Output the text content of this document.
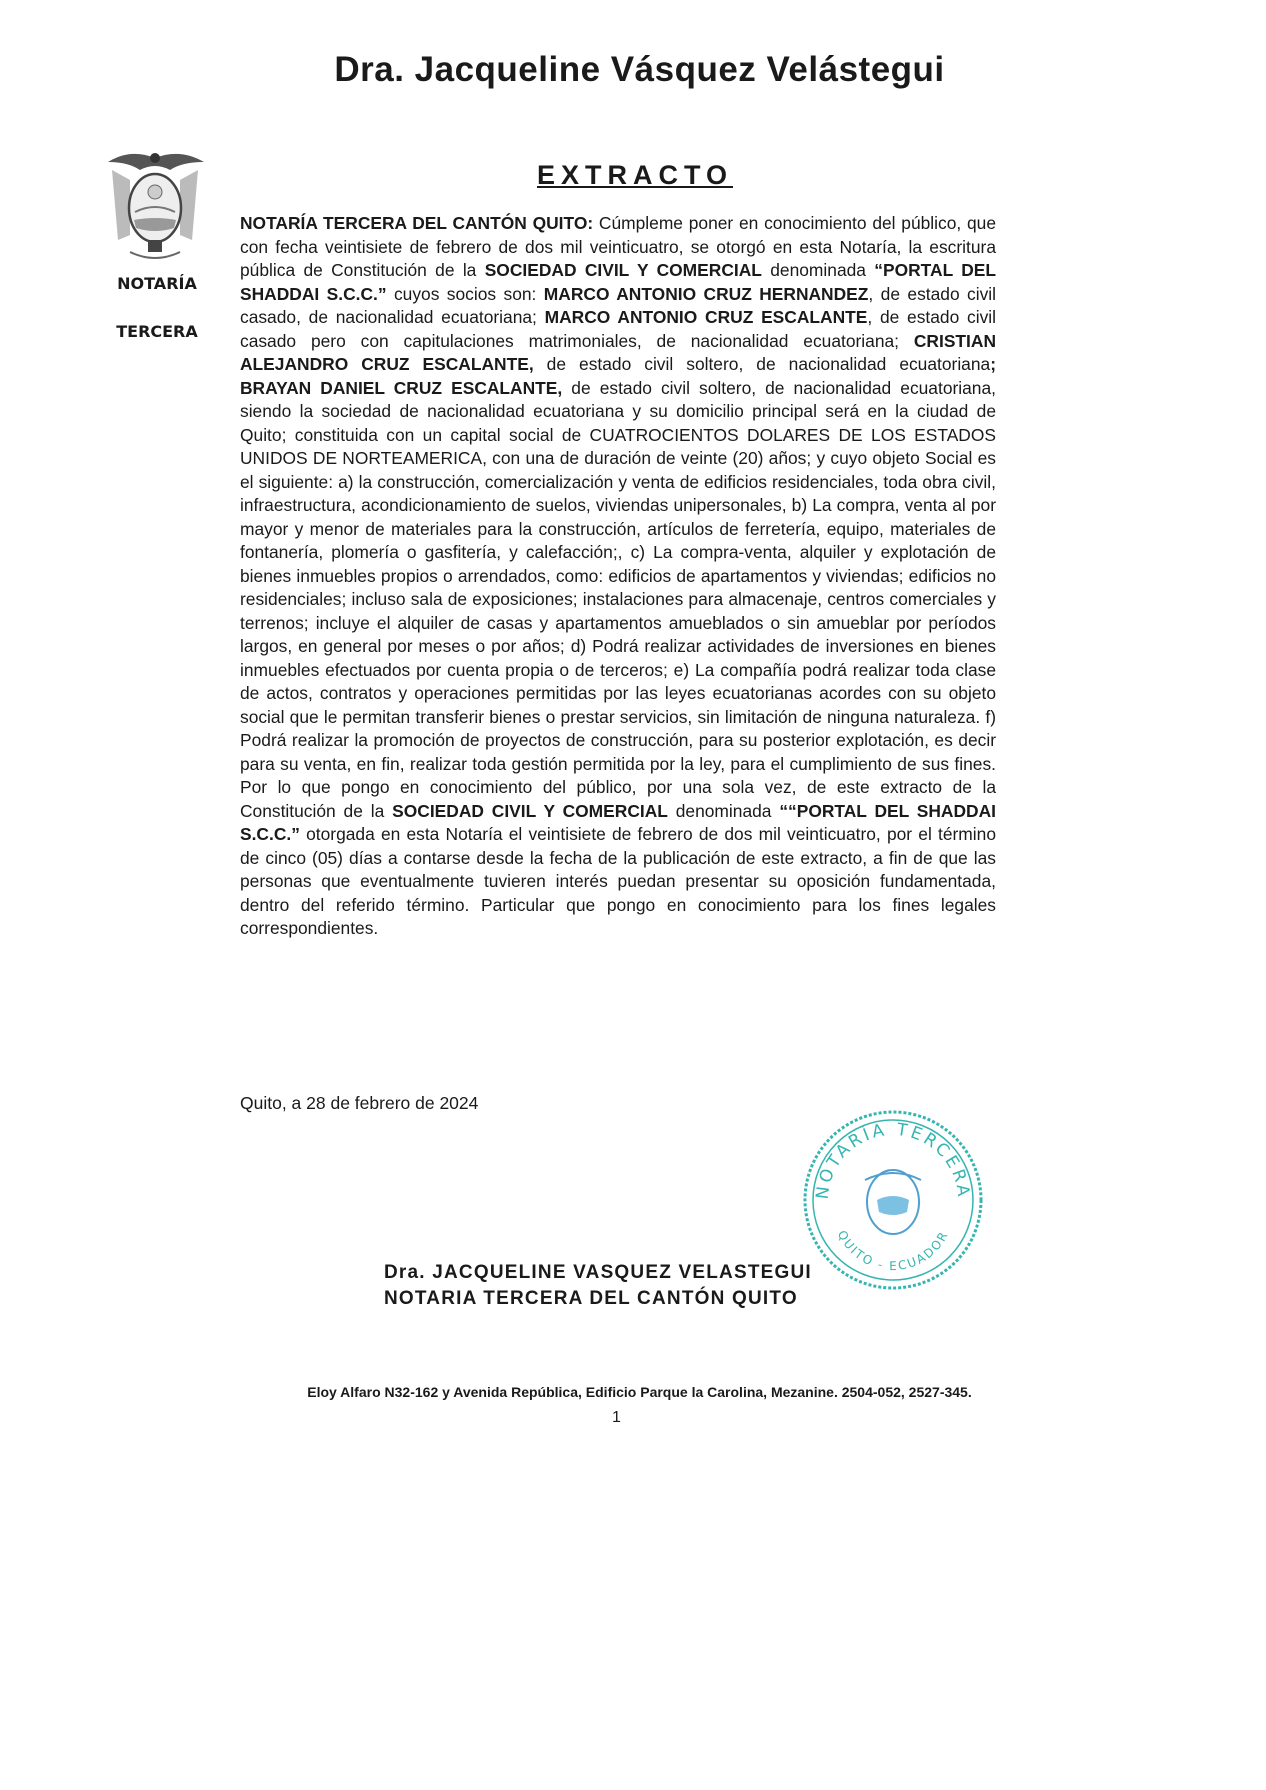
Dra. Jacqueline Vásquez Velástegui
NOTARÍA
TERCERA
EXTRACTO
NOTARÍA TERCERA DEL CANTÓN QUITO: Cúmpleme poner en conocimiento del público, que con fecha veintisiete de febrero de dos mil veinticuatro, se otorgó en esta Notaría, la escritura pública de Constitución de la SOCIEDAD CIVIL Y COMERCIAL denominada “PORTAL DEL SHADDAI S.C.C.” cuyos socios son: MARCO ANTONIO CRUZ HERNANDEZ, de estado civil casado, de nacionalidad ecuatoriana; MARCO ANTONIO CRUZ ESCALANTE, de estado civil casado pero con capitulaciones matrimoniales, de nacionalidad ecuatoriana; CRISTIAN ALEJANDRO CRUZ ESCALANTE, de estado civil soltero, de nacionalidad ecuatoriana; BRAYAN DANIEL CRUZ ESCALANTE, de estado civil soltero, de nacionalidad ecuatoriana, siendo la sociedad de nacionalidad ecuatoriana y su domicilio principal será en la ciudad de Quito; constituida con un capital social de CUATROCIENTOS DOLARES DE LOS ESTADOS UNIDOS DE NORTEAMERICA, con una de duración de veinte (20) años; y cuyo objeto Social es el siguiente: a) la construcción, comercialización y venta de edificios residenciales, toda obra civil, infraestructura, acondicionamiento de suelos, viviendas unipersonales, b) La compra, venta al por mayor y menor de materiales para la construcción, artículos de ferretería, equipo, materiales de fontanería, plomería o gasfitería, y calefacción;, c) La compra-venta, alquiler y explotación de bienes inmuebles propios o arrendados, como: edificios de apartamentos y viviendas; edificios no residenciales; incluso sala de exposiciones; instalaciones para almacenaje, centros comerciales y terrenos; incluye el alquiler de casas y apartamentos amueblados o sin amueblar por períodos largos, en general por meses o por años; d) Podrá realizar actividades de inversiones en bienes inmuebles efectuados por cuenta propia o de terceros; e) La compañía podrá realizar toda clase de actos, contratos y operaciones permitidas por las leyes ecuatorianas acordes con su objeto social que le permitan transferir bienes o prestar servicios, sin limitación de ninguna naturaleza. f) Podrá realizar la promoción de proyectos de construcción, para su posterior explotación, es decir para su venta, en fin, realizar toda gestión permitida por la ley, para el cumplimiento de sus fines. Por lo que pongo en conocimiento del público, por una sola vez, de este extracto de la Constitución de la SOCIEDAD CIVIL Y COMERCIAL denominada ““PORTAL DEL SHADDAI S.C.C.” otorgada en esta Notaría el veintisiete de febrero de dos mil veinticuatro, por el término de cinco (05) días a contarse desde la fecha de la publicación de este extracto, a fin de que las personas que eventualmente tuvieren interés puedan presentar su oposición fundamentada, dentro del referido término. Particular que pongo en conocimiento para los fines legales correspondientes.
Quito, a 28 de febrero de 2024
NOTARÍA TERCERA
QUITO - ECUADOR
Dra. JACQUELINE VASQUEZ VELASTEGUI
NOTARIA TERCERA DEL CANTÓN QUITO
Eloy Alfaro N32-162 y Avenida República, Edificio Parque la Carolina, Mezanine. 2504-052, 2527-345.
1
